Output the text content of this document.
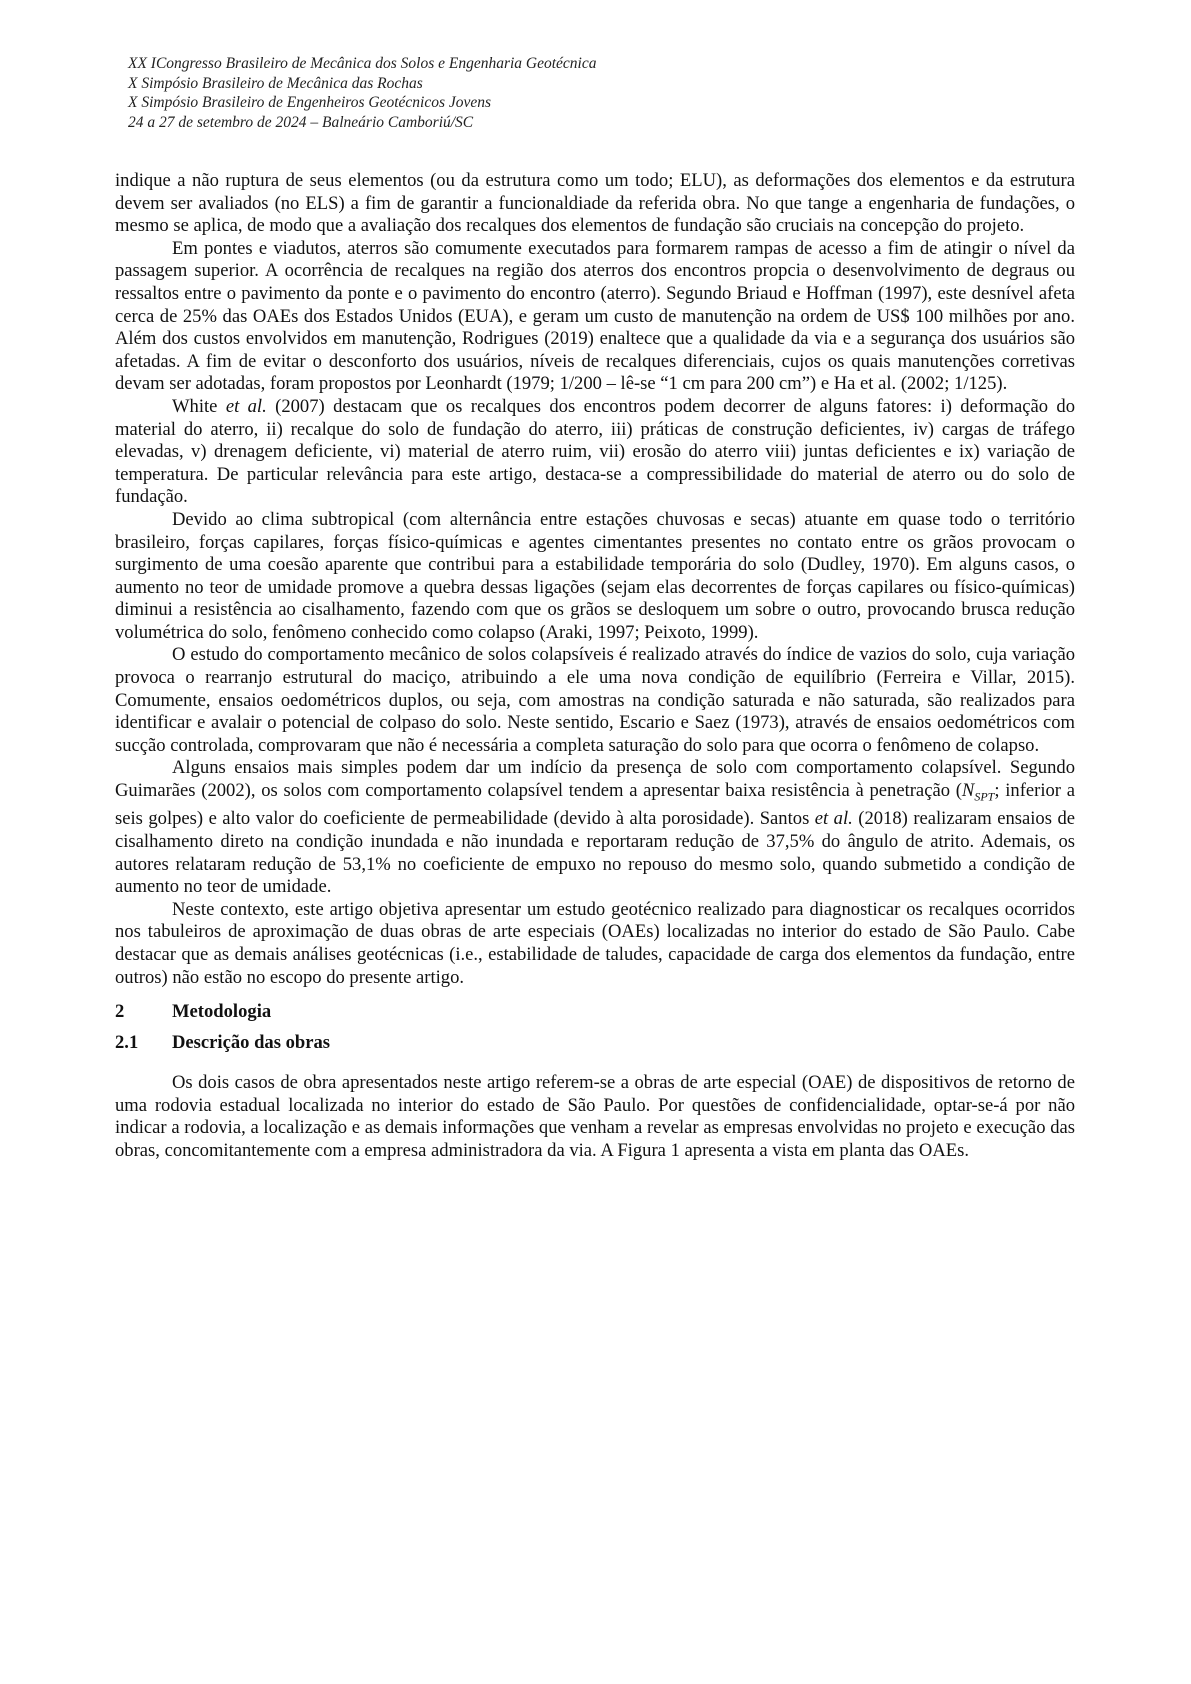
XX ICongresso Brasileiro de Mecânica dos Solos e Engenharia Geotécnica
X Simpósio Brasileiro de Mecânica das Rochas
X Simpósio Brasileiro de Engenheiros Geotécnicos Jovens
24 a 27 de setembro de 2024 – Balneário Camboriú/SC

indique a não ruptura de seus elementos (ou da estrutura como um todo; ELU), as deformações dos elementos e da estrutura devem ser avaliados (no ELS) a fim de garantir a funcionaldiade da referida obra. No que tange a engenharia de fundações, o mesmo se aplica, de modo que a avaliação dos recalques dos elementos de fundação são cruciais na concepção do projeto.

Em pontes e viadutos, aterros são comumente executados para formarem rampas de acesso a fim de atingir o nível da passagem superior. A ocorrência de recalques na região dos aterros dos encontros propcia o desenvolvimento de degraus ou ressaltos entre o pavimento da ponte e o pavimento do encontro (aterro). Segundo Briaud e Hoffman (1997), este desnível afeta cerca de 25% das OAEs dos Estados Unidos (EUA), e geram um custo de manutenção na ordem de US$ 100 milhões por ano. Além dos custos envolvidos em manutenção, Rodrigues (2019) enaltece que a qualidade da via e a segurança dos usuários são afetadas. A fim de evitar o desconforto dos usuários, níveis de recalques diferenciais, cujos os quais manutenções corretivas devam ser adotadas, foram propostos por Leonhardt (1979; 1/200 – lê-se “1 cm para 200 cm”) e Ha et al. (2002; 1/125).

White et al. (2007) destacam que os recalques dos encontros podem decorrer de alguns fatores: i) deformação do material do aterro, ii) recalque do solo de fundação do aterro, iii) práticas de construção deficientes, iv) cargas de tráfego elevadas, v) drenagem deficiente, vi) material de aterro ruim, vii) erosão do aterro viii) juntas deficientes e ix) variação de temperatura. De particular relevância para este artigo, destaca-se a compressibilidade do material de aterro ou do solo de fundação.

Devido ao clima subtropical (com alternância entre estações chuvosas e secas) atuante em quase todo o território brasileiro, forças capilares, forças físico-químicas e agentes cimentantes presentes no contato entre os grãos provocam o surgimento de uma coesão aparente que contribui para a estabilidade temporária do solo (Dudley, 1970). Em alguns casos, o aumento no teor de umidade promove a quebra dessas ligações (sejam elas decorrentes de forças capilares ou físico-químicas) diminui a resistência ao cisalhamento, fazendo com que os grãos se desloquem um sobre o outro, provocando brusca redução volumétrica do solo, fenômeno conhecido como colapso (Araki, 1997; Peixoto, 1999).

O estudo do comportamento mecânico de solos colapsíveis é realizado através do índice de vazios do solo, cuja variação provoca o rearranjo estrutural do maciço, atribuindo a ele uma nova condição de equilíbrio (Ferreira e Villar, 2015). Comumente, ensaios oedométricos duplos, ou seja, com amostras na condição saturada e não saturada, são realizados para identificar e avalair o potencial de colpaso do solo. Neste sentido, Escario e Saez (1973), através de ensaios oedométricos com sucção controlada, comprovaram que não é necessária a completa saturação do solo para que ocorra o fenômeno de colapso.

Alguns ensaios mais simples podem dar um indício da presença de solo com comportamento colapsível. Segundo Guimarães (2002), os solos com comportamento colapsível tendem a apresentar baixa resistência à penetração ($N_{SPT}$; inferior a seis golpes) e alto valor do coeficiente de permeabilidade (devido à alta porosidade). Santos et al. (2018) realizaram ensaios de cisalhamento direto na condição inundada e não inundada e reportaram redução de 37,5% do ângulo de atrito. Ademais, os autores relataram redução de 53,1% no coeficiente de empuxo no repouso do mesmo solo, quando submetido a condição de aumento no teor de umidade.

Neste contexto, este artigo objetiva apresentar um estudo geotécnico realizado para diagnosticar os recalques ocorridos nos tabuleiros de aproximação de duas obras de arte especiais (OAEs) localizadas no interior do estado de São Paulo. Cabe destacar que as demais análises geotécnicas (i.e., estabilidade de taludes, capacidade de carga dos elementos da fundação, entre outros) não estão no escopo do presente artigo.

2	Metodologia
2.1	Descrição das obras

Os dois casos de obra apresentados neste artigo referem-se a obras de arte especial (OAE) de dispositivos de retorno de uma rodovia estadual localizada no interior do estado de São Paulo. Por questões de confidencialidade, optar-se-á por não indicar a rodovia, a localização e as demais informações que venham a revelar as empresas envolvidas no projeto e execução das obras, concomitantemente com a empresa administradora da via. A Figura 1 apresenta a vista em planta das OAEs.
